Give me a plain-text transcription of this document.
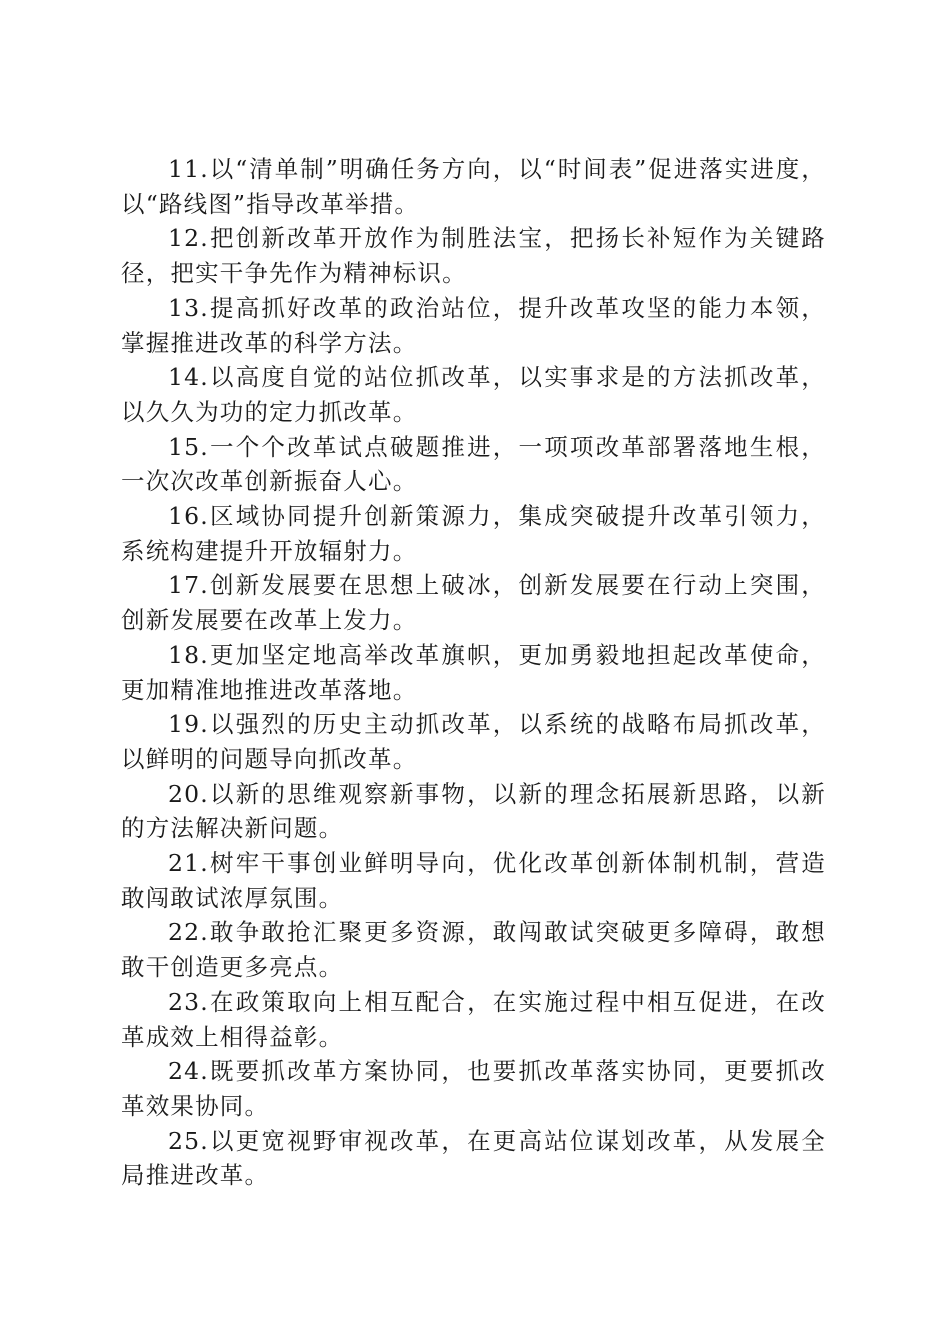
11.以“清单制”明确任务方向，以“时间表”促进落实进度，以“路线图”指导改革举措。

12.把创新改革开放作为制胜法宝，把扬长补短作为关键路径，把实干争先作为精神标识。

13.提高抓好改革的政治站位，提升改革攻坚的能力本领，掌握推进改革的科学方法。

14.以高度自觉的站位抓改革，以实事求是的方法抓改革，以久久为功的定力抓改革。

15.一个个改革试点破题推进，一项项改革部署落地生根，一次次改革创新振奋人心。

16.区域协同提升创新策源力，集成突破提升改革引领力，系统构建提升开放辐射力。

17.创新发展要在思想上破冰，创新发展要在行动上突围，创新发展要在改革上发力。

18.更加坚定地高举改革旗帜，更加勇毅地担起改革使命，更加精准地推进改革落地。

19.以强烈的历史主动抓改革，以系统的战略布局抓改革，以鲜明的问题导向抓改革。

20.以新的思维观察新事物，以新的理念拓展新思路，以新的方法解决新问题。

21.树牢干事创业鲜明导向，优化改革创新体制机制，营造敢闯敢试浓厚氛围。

22.敢争敢抢汇聚更多资源，敢闯敢试突破更多障碍，敢想敢干创造更多亮点。

23.在政策取向上相互配合，在实施过程中相互促进，在改革成效上相得益彰。

24.既要抓改革方案协同，也要抓改革落实协同，更要抓改革效果协同。

25.以更宽视野审视改革，在更高站位谋划改革，从发展全局推进改革。
